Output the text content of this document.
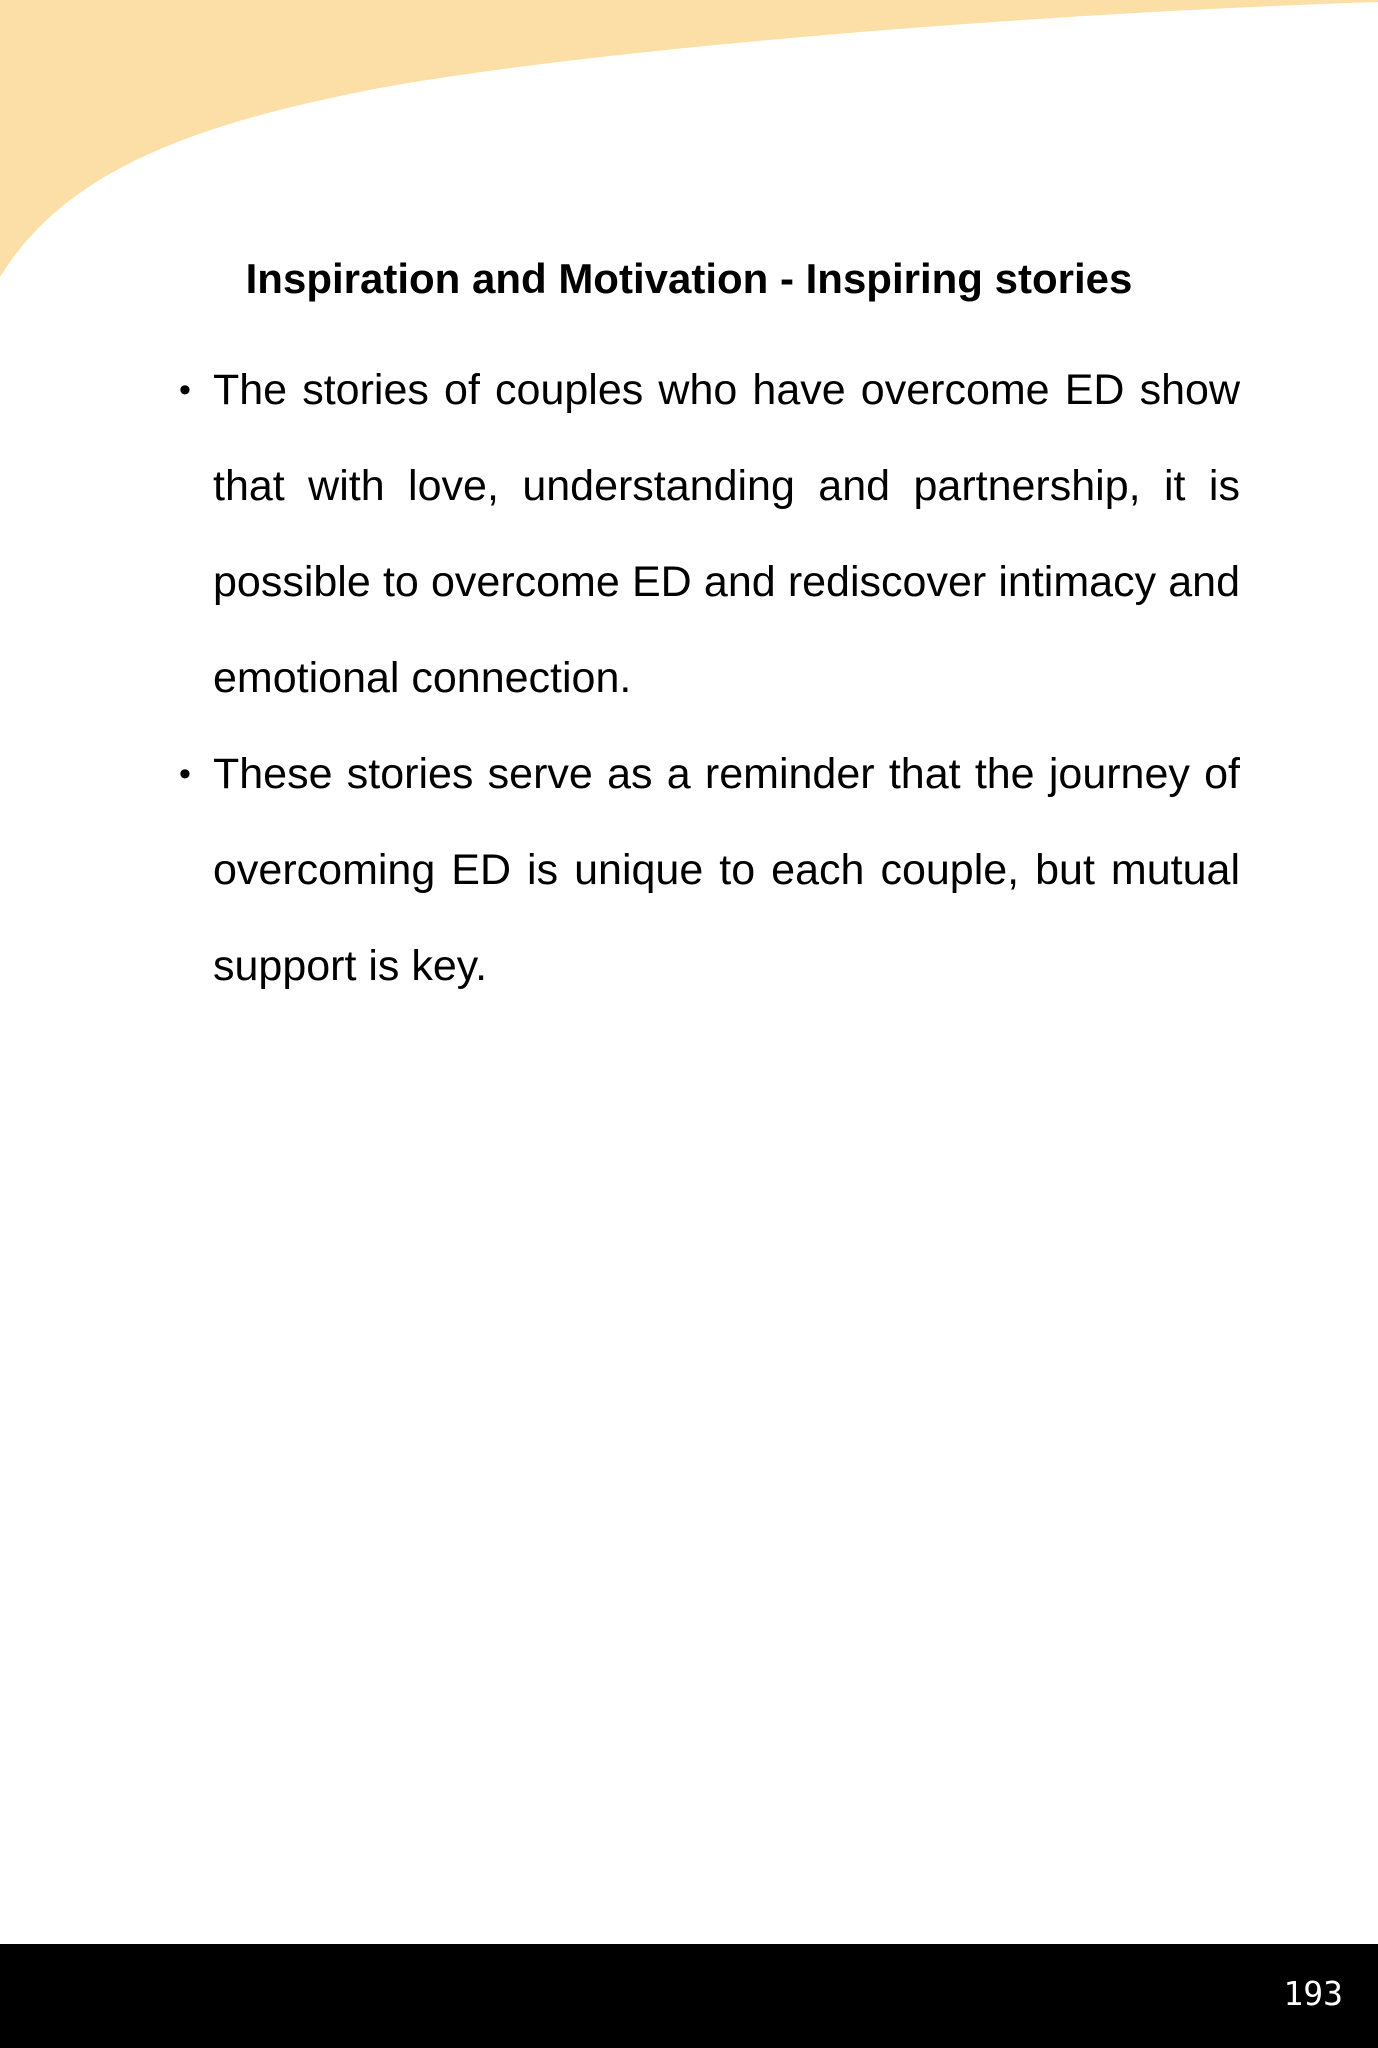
Inspiration and Motivation - Inspiring stories
• The stories of couples who have overcome ED show that with love, understanding and partnership, it is possible to overcome ED and rediscover intimacy and emotional connection.
• These stories serve as a reminder that the journey of overcoming ED is unique to each couple, but mutual support is key.
193
